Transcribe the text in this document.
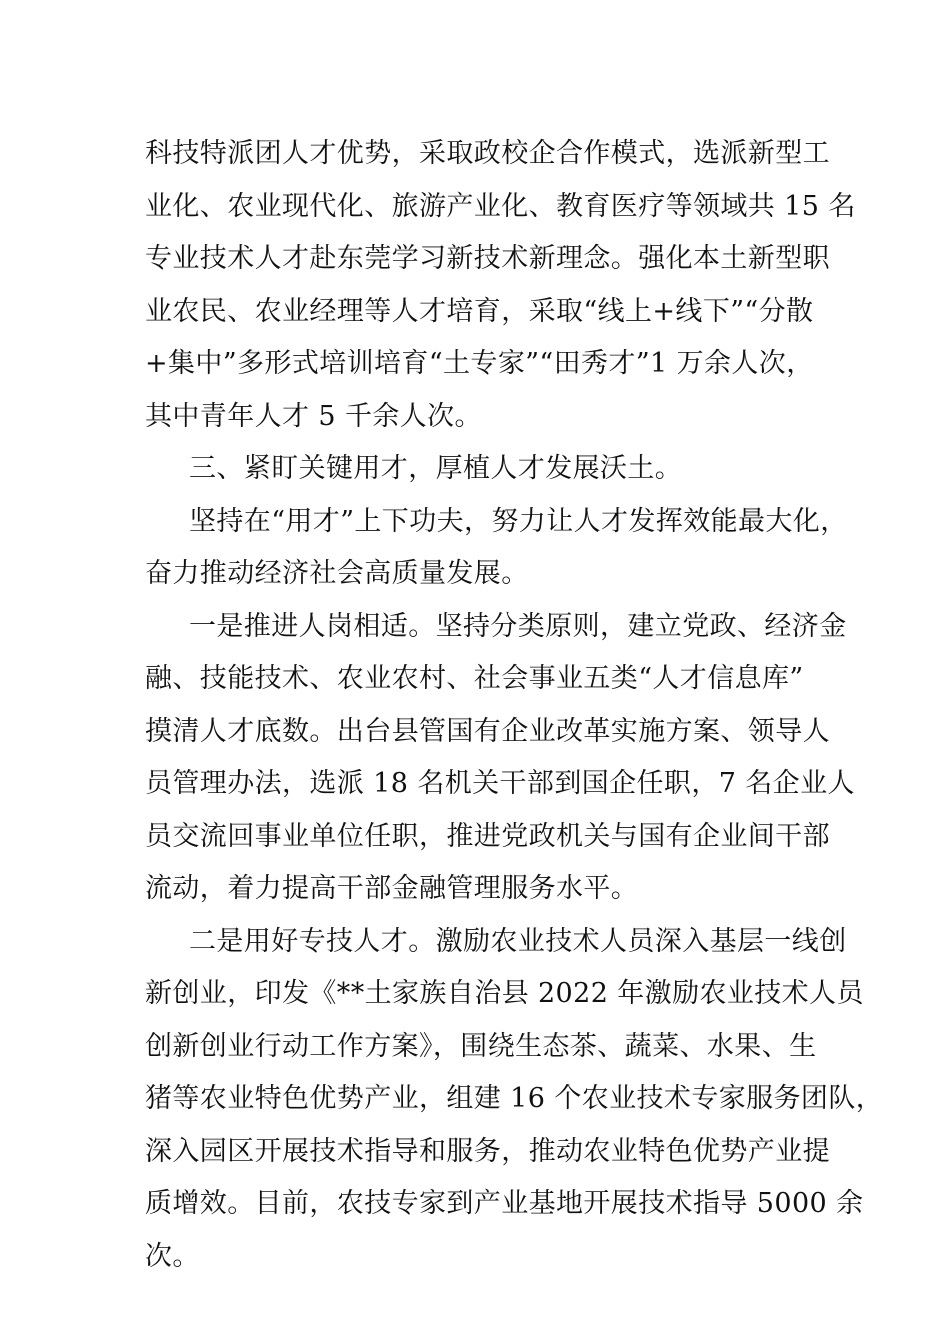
科技特派团人才优势，采取政校企合作模式，选派新型工
业化、农业现代化、旅游产业化、教育医疗等领域共 15 名
专业技术人才赴东莞学习新技术新理念。强化本土新型职
业农民、农业经理等人才培育，采取“线上+线下”“分散
+集中”多形式培训培育“土专家”“田秀才”1 万余人次，
其中青年人才 5 千余人次。
三、紧盯关键用才，厚植人才发展沃土。
坚持在“用才”上下功夫，努力让人才发挥效能最大化，
奋力推动经济社会高质量发展。
一是推进人岗相适。坚持分类原则，建立党政、经济金
融、技能技术、农业农村、社会事业五类“人才信息库”
摸清人才底数。出台县管国有企业改革实施方案、领导人
员管理办法，选派 18 名机关干部到国企任职，7 名企业人
员交流回事业单位任职，推进党政机关与国有企业间干部
流动，着力提高干部金融管理服务水平。
二是用好专技人才。激励农业技术人员深入基层一线创
新创业，印发《**土家族自治县 2022 年激励农业技术人员
创新创业行动工作方案》，围绕生态茶、蔬菜、水果、生
猪等农业特色优势产业，组建 16 个农业技术专家服务团队，
深入园区开展技术指导和服务，推动农业特色优势产业提
质增效。目前，农技专家到产业基地开展技术指导 5000 余
次。
